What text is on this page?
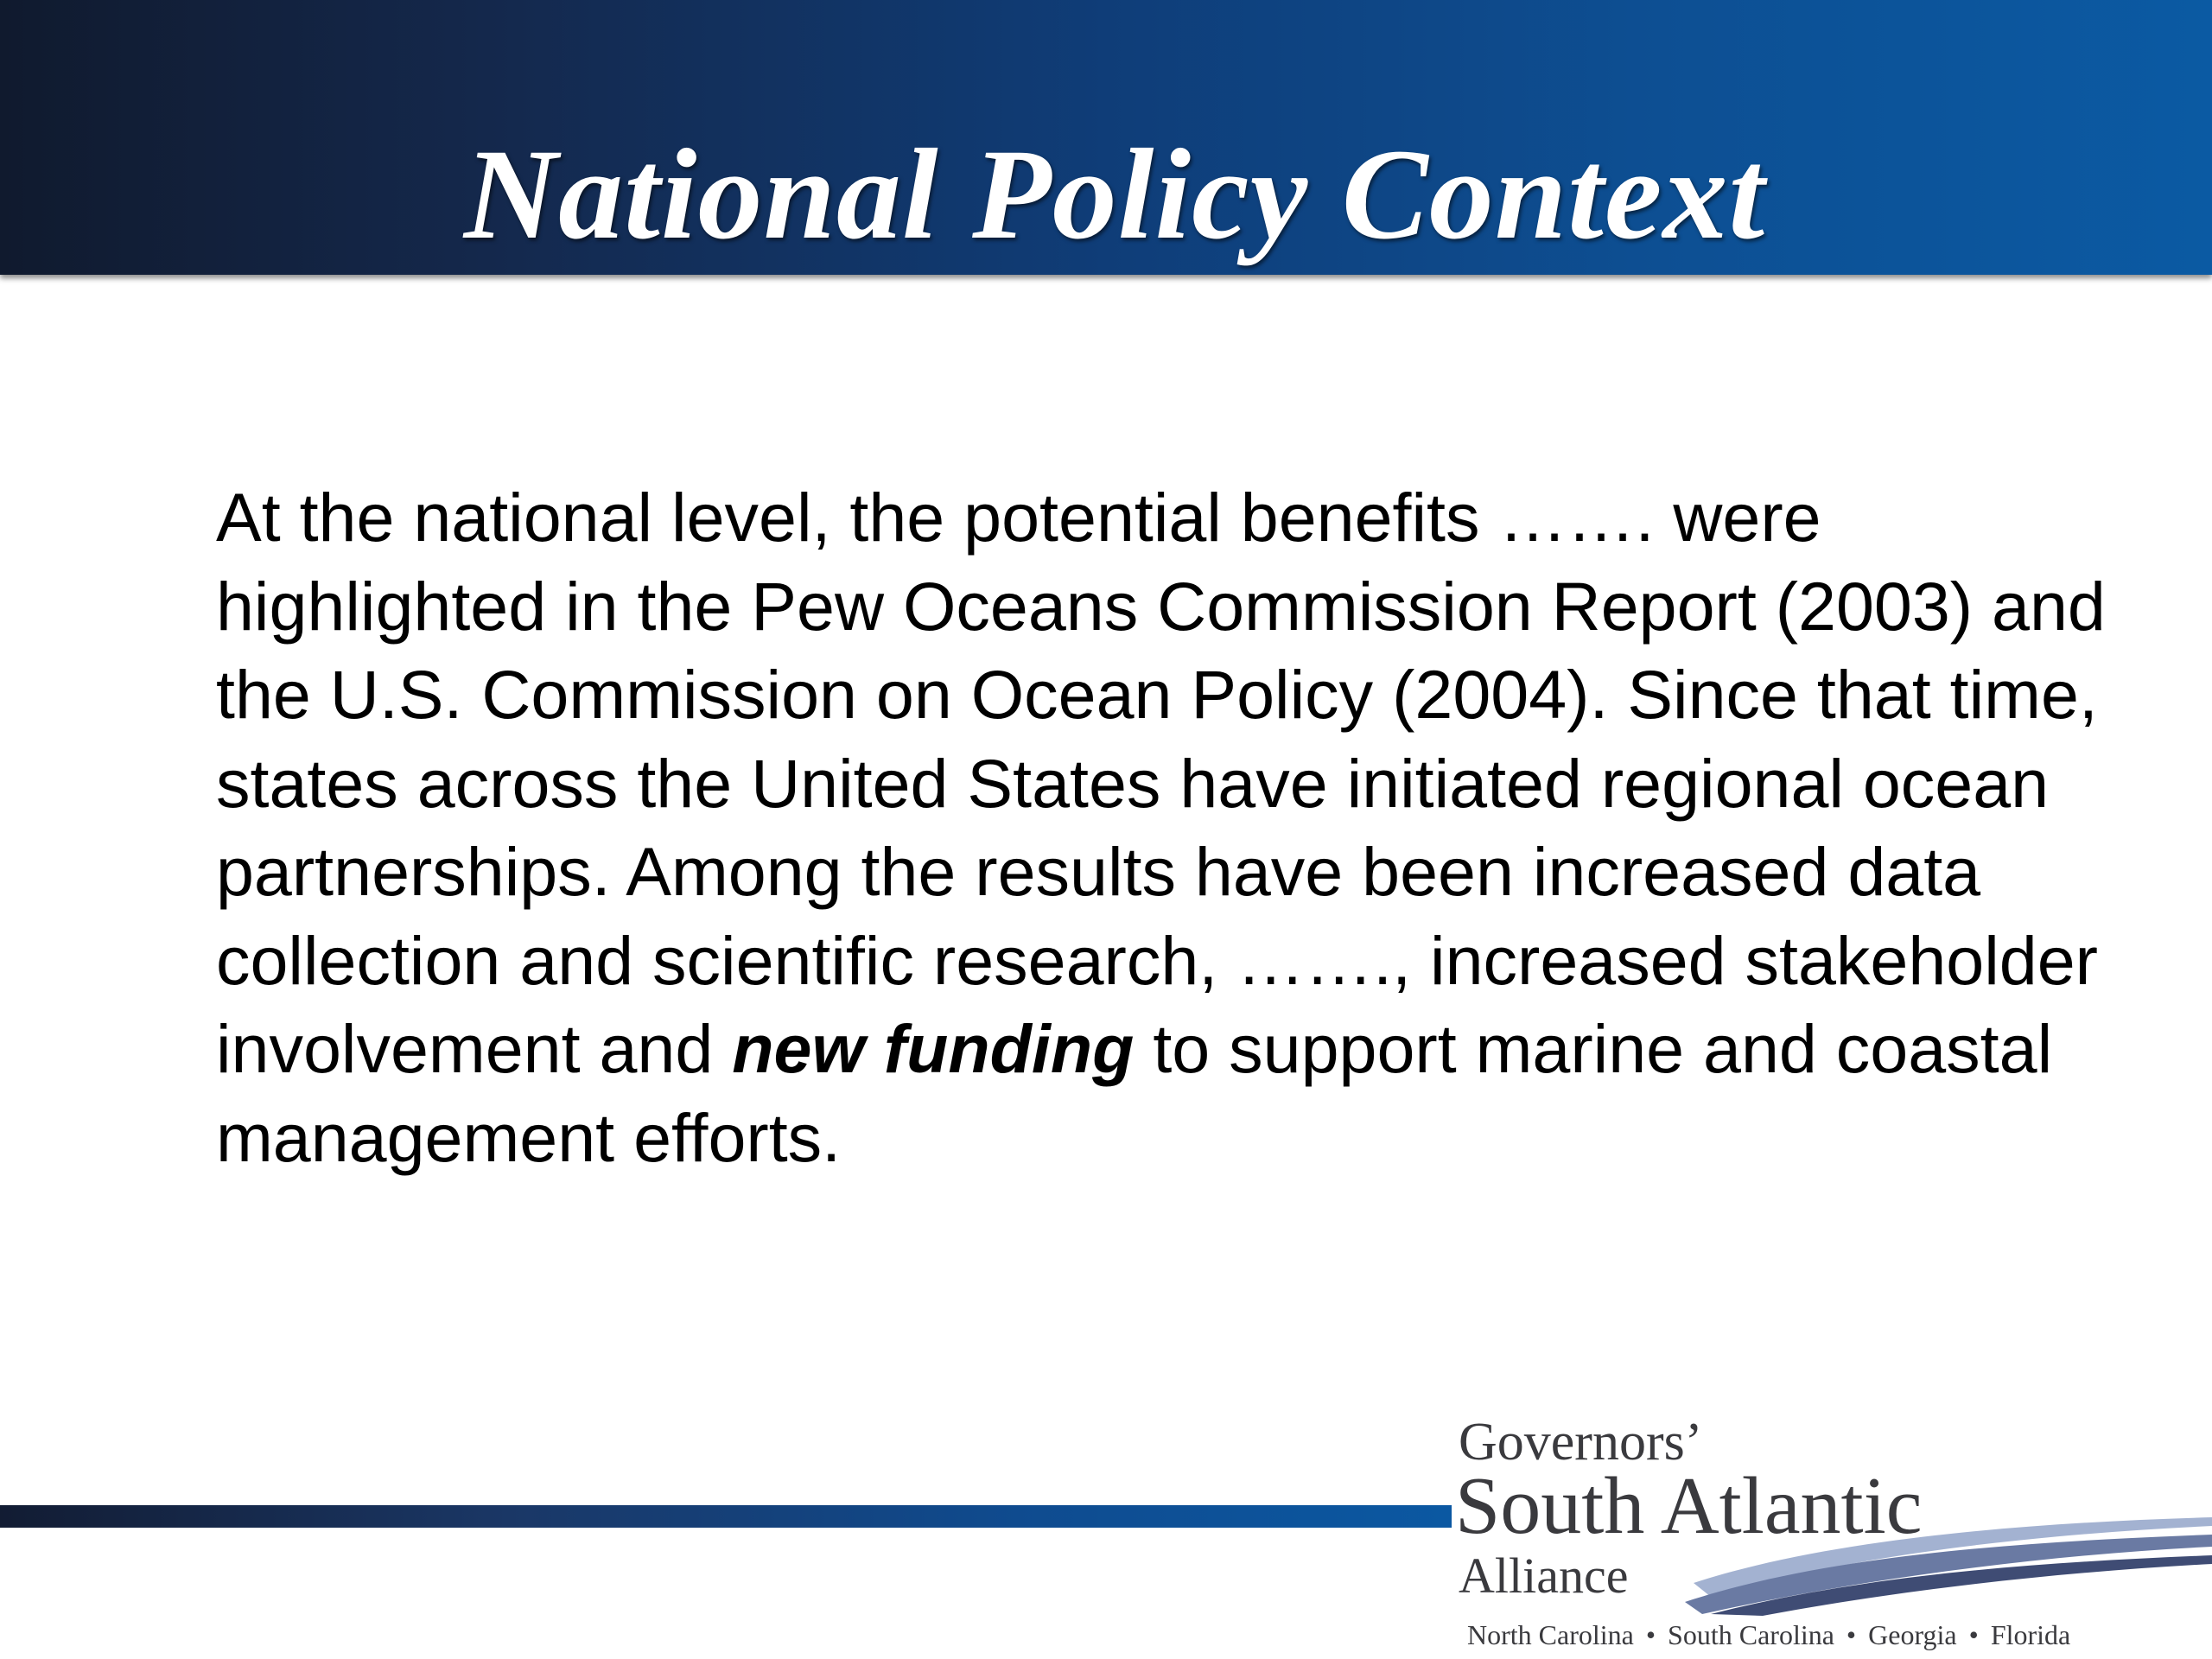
National Policy Context
At the national level, the potential benefits ……. were highlighted in the Pew Oceans Commission Report (2003) and the U.S. Commission on Ocean Policy (2004). Since that time, states across the United States have initiated regional ocean partnerships. Among the results have been increased data collection and scientific research, ……., increased stakeholder involvement and new funding to support marine and coastal management efforts.
Governors’
South Atlantic
Alliance
North Carolina • South Carolina • Georgia • Florida
